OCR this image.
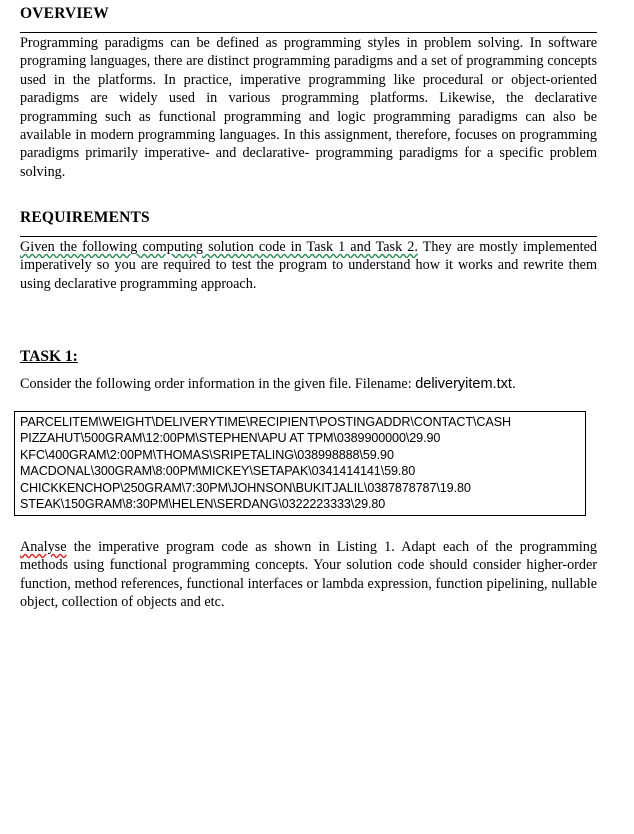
OVERVIEW

Programming paradigms can be defined as programming styles in problem solving. In software programing languages, there are distinct programming paradigms and a set of programming concepts used in the platforms. In practice, imperative programming like procedural or object-oriented paradigms are widely used in various programming platforms. Likewise, the declarative programming such as functional programming and logic programming paradigms can also be available in modern programming languages. In this assignment, therefore, focuses on programming paradigms primarily imperative- and declarative- programming paradigms for a specific problem solving.

REQUIREMENTS

Given the following computing solution code in Task 1 and Task 2. They are mostly implemented imperatively so you are required to test the program to understand how it works and rewrite them using declarative programming approach.

TASK 1:

Consider the following order information in the given file. Filename: deliveryitem.txt.

PARCELITEM\WEIGHT\DELIVERYTIME\RECIPIENT\POSTINGADDR\CONTACT\CASH
PIZZAHUT\500GRAM\12:00PM\STEPHEN\APU AT TPM\0389900000\29.90
KFC\400GRAM\2:00PM\THOMAS\SRIPETALING\038998888\59.90
MACDONAL\300GRAM\8:00PM\MICKEY\SETAPAK\0341414141\59.80
CHICKKENCHOP\250GRAM\7:30PM\JOHNSON\BUKITJALIL\0387878787\19.80
STEAK\150GRAM\8:30PM\HELEN\SERDANG\0322223333\29.80

Analyse the imperative program code as shown in Listing 1. Adapt each of the programming methods using functional programming concepts. Your solution code should consider higher-order function, method references, functional interfaces or lambda expression, function pipelining, nullable object, collection of objects and etc.
